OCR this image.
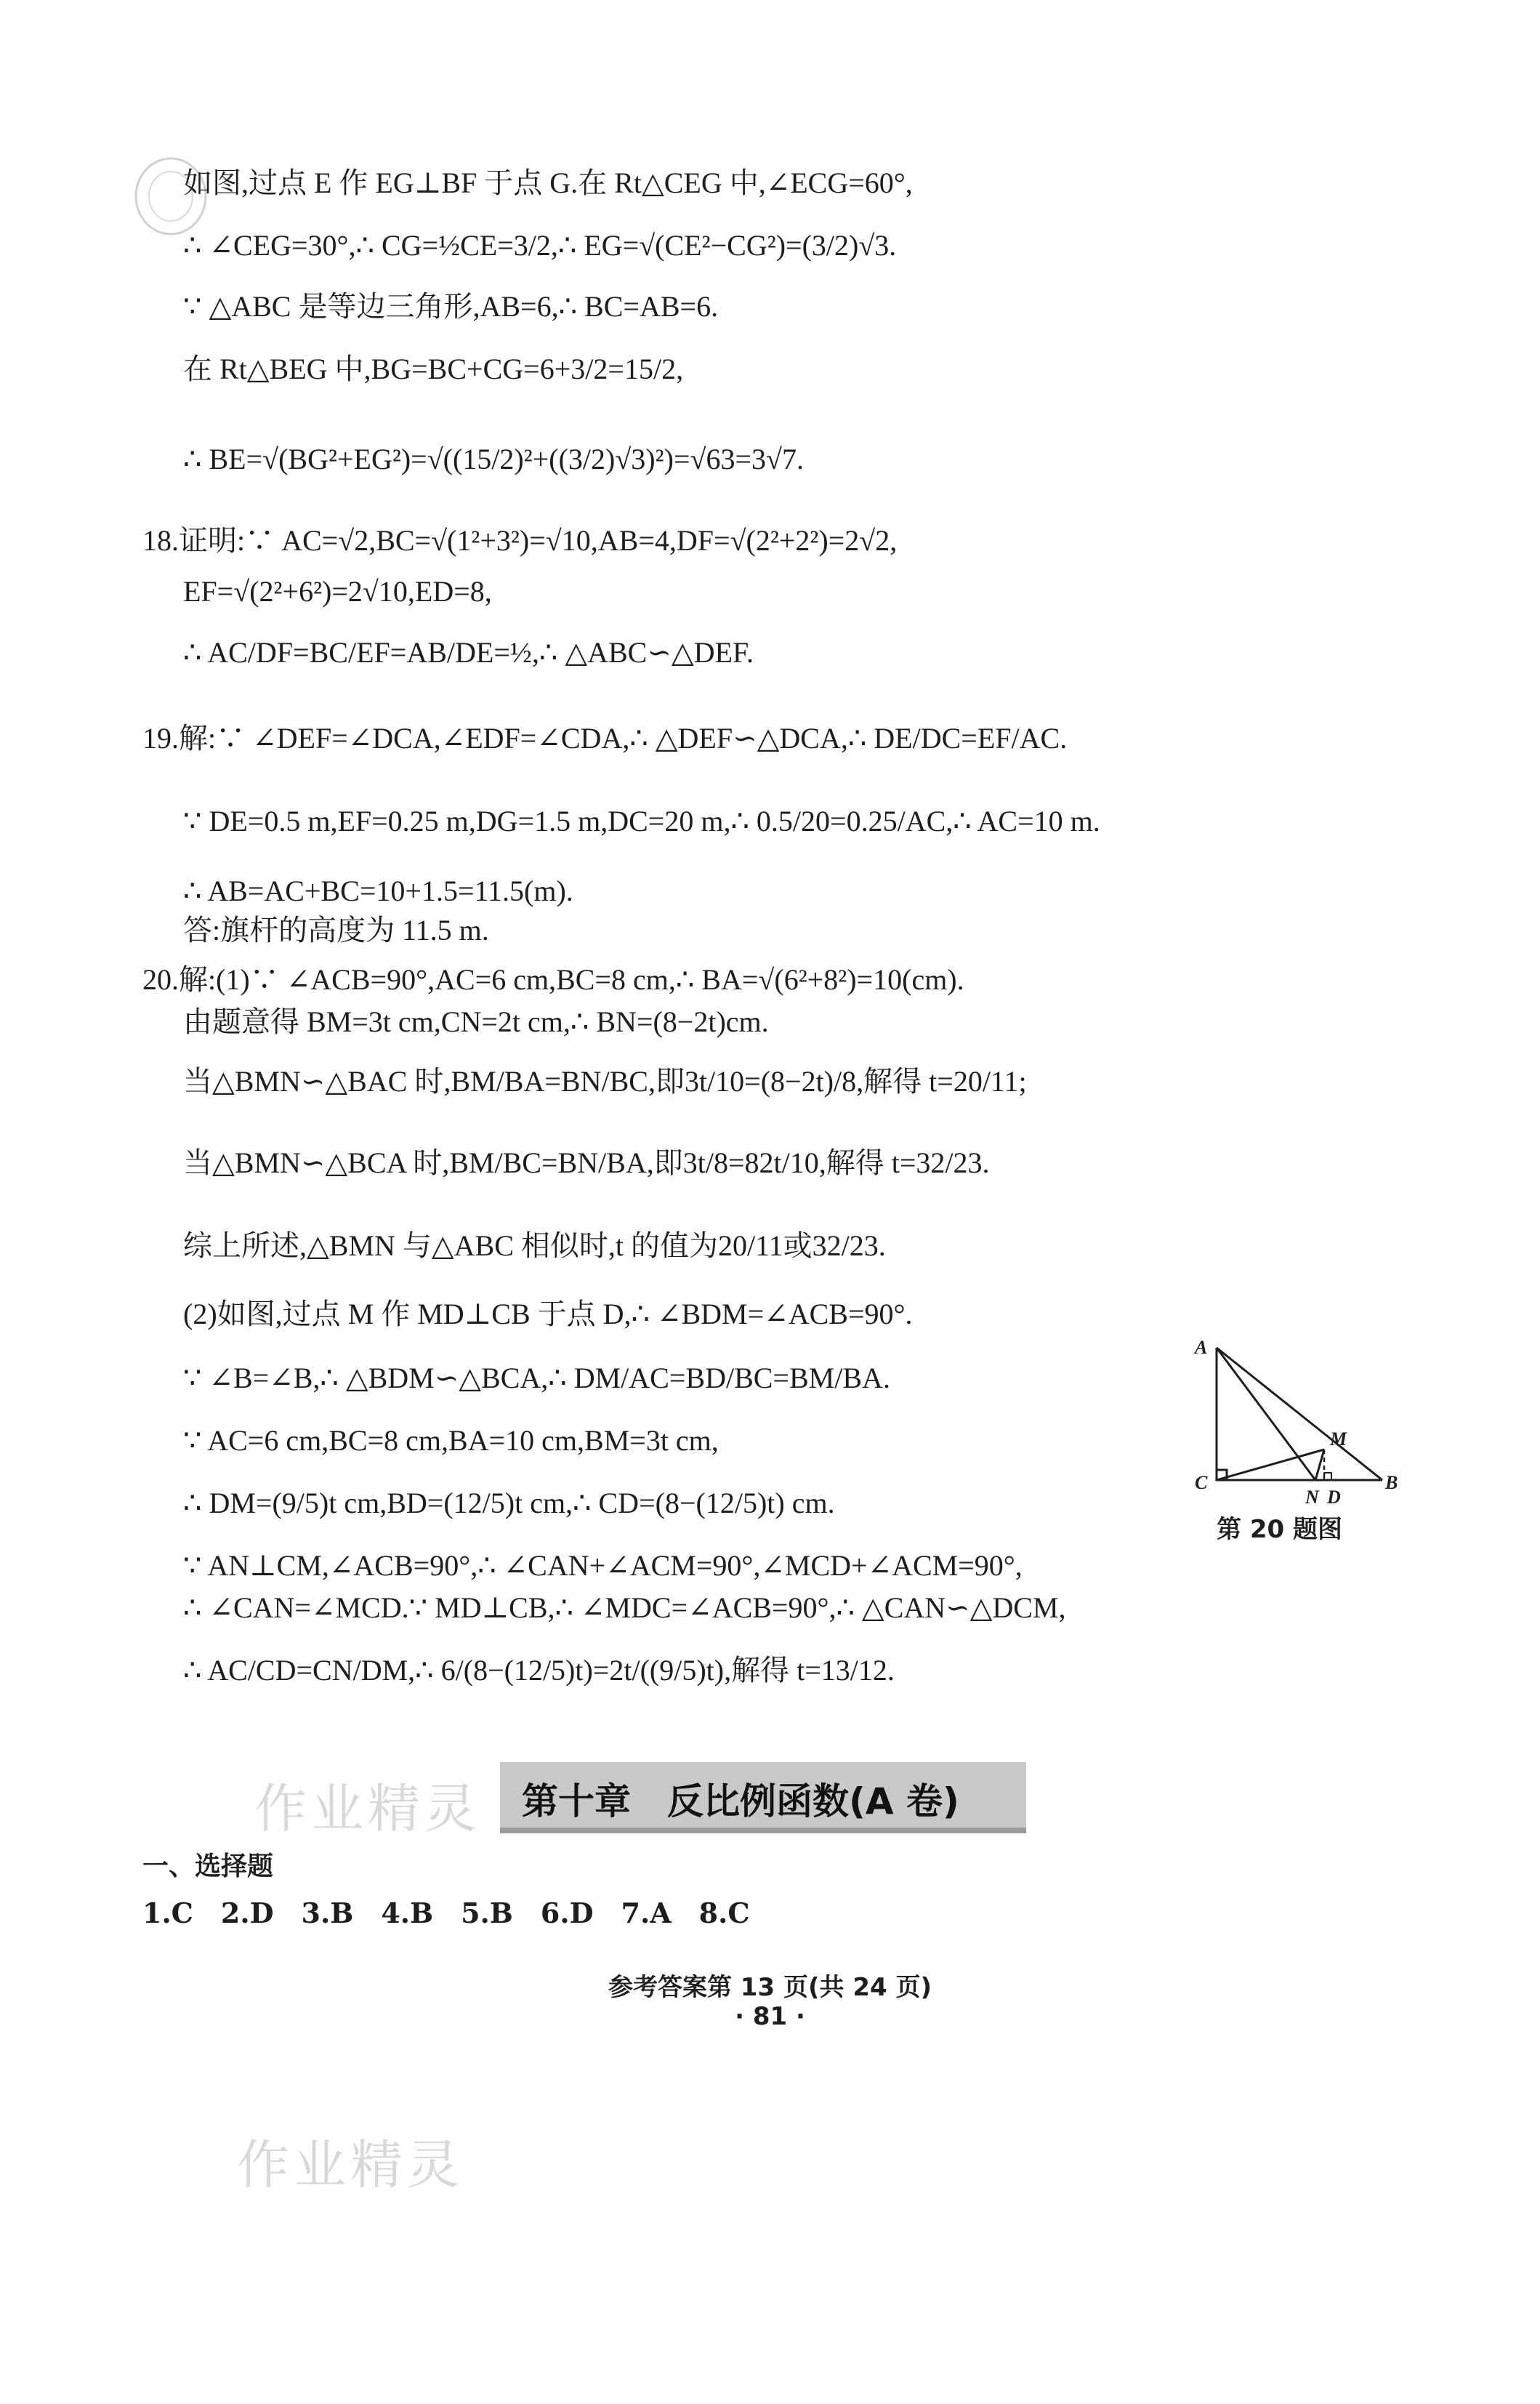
如图,过点 E 作 EG⊥BF 于点 G.在 Rt△CEG 中,∠ECG=60°,
∴ ∠CEG=30°,∴ CG=½CE=3/2,∴ EG=√(CE²−CG²)=(3/2)√3.
∵ △ABC 是等边三角形,AB=6,∴ BC=AB=6.
在 Rt△BEG 中,BG=BC+CG=6+3/2=15/2,
∴ BE=√(BG²+EG²)=√((15/2)²+((3/2)√3)²)=√63=3√7.
18.证明:∵ AC=√2,BC=√(1²+3²)=√10,AB=4,DF=√(2²+2²)=2√2,
EF=√(2²+6²)=2√10,ED=8,
∴ AC/DF=BC/EF=AB/DE=½,∴ △ABC∽△DEF.
19.解:∵ ∠DEF=∠DCA,∠EDF=∠CDA,∴ △DEF∽△DCA,∴ DE/DC=EF/AC.
∵ DE=0.5 m,EF=0.25 m,DG=1.5 m,DC=20 m,∴ 0.5/20=0.25/AC,∴ AC=10 m.
∴ AB=AC+BC=10+1.5=11.5(m).
答:旗杆的高度为 11.5 m.
20.解:(1)∵ ∠ACB=90°,AC=6 cm,BC=8 cm,∴ BA=√(6²+8²)=10(cm).
由题意得 BM=3t cm,CN=2t cm,∴ BN=(8−2t)cm.
当△BMN∽△BAC 时,BM/BA=BN/BC,即3t/10=(8−2t)/8,解得 t=20/11;
当△BMN∽△BCA 时,BM/BC=BN/BA,即3t/8=82t/10,解得 t=32/23.
综上所述,△BMN 与△ABC 相似时,t 的值为20/11或32/23.
(2)如图,过点 M 作 MD⊥CB 于点 D,∴ ∠BDM=∠ACB=90°.
∵ ∠B=∠B,∴ △BDM∽△BCA,∴ DM/AC=BD/BC=BM/BA.
∵ AC=6 cm,BC=8 cm,BA=10 cm,BM=3t cm,
∴ DM=(9/5)t cm,BD=(12/5)t cm,∴ CD=(8−(12/5)t) cm.
∵ AN⊥CM,∠ACB=90°,∴ ∠CAN+∠ACM=90°,∠MCD+∠ACM=90°,
∴ ∠CAN=∠MCD.∵ MD⊥CB,∴ ∠MDC=∠ACB=90°,∴ △CAN∽△DCM,
∴ AC/CD=CN/DM,∴ 6/(8−(12/5)t)=2t/((9/5)t),解得 t=13/12.
A
C
N D
B
M
第 20 题图
作业精灵 第十章　反比例函数(A 卷)
一、选择题
1.C　2.D　3.B　4.B　5.B　6.D　7.A　8.C
参考答案第 13 页(共 24 页)
· 81 ·
作业精灵
